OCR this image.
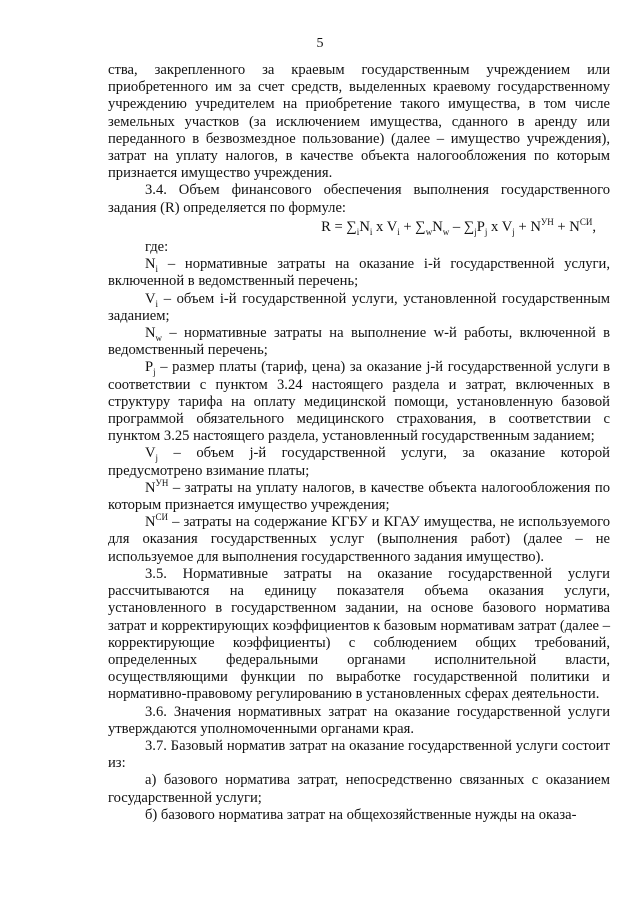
5

ства, закрепленного за краевым государственным учреждением или приобретенного им за счет средств, выделенных краевому государственному учреждению учредителем на приобретение такого имущества, в том числе земельных участков (за исключением имущества, сданного в аренду или переданного в безвозмездное пользование) (далее – имущество учреждения), затрат на уплату налогов, в качестве объекта налогообложения по которым признается имущество учреждения.

3.4. Объем финансового обеспечения выполнения государственного задания (R) определяется по формуле:

$R = \sum_iN_i$ x $V_i + \sum_wN_w - \sum_jP_j$ x $V_j + N^{УН} + N^{СИ}$,

где:

$N_i$ – нормативные затраты на оказание i-й государственной услуги, включенной в ведомственный перечень;

$V_i$ – объем i-й государственной услуги, установленной государственным заданием;

$N_w$ – нормативные затраты на выполнение w-й работы, включенной в ведомственный перечень;

$P_j$ – размер платы (тариф, цена) за оказание j-й государственной услуги в соответствии с пунктом 3.24 настоящего раздела и затрат, включенных в структуру тарифа на оплату медицинской помощи, установленную базовой программой обязательного медицинского страхования, в соответствии с пунктом 3.25 настоящего раздела, установленный государственным заданием;

$V_j$ – объем j-й государственной услуги, за оказание которой предусмотрено взимание платы;

$N^{УН}$ – затраты на уплату налогов, в качестве объекта налогообложения по которым признается имущество учреждения;

$N^{СИ}$ – затраты на содержание КГБУ и КГАУ имущества, не используемого для оказания государственных услуг (выполнения работ) (далее – не используемое для выполнения государственного задания имущество).

3.5. Нормативные затраты на оказание государственной услуги рассчитываются на единицу показателя объема оказания услуги, установленного в государственном задании, на основе базового норматива затрат и корректирующих коэффициентов к базовым нормативам затрат (далее – корректирующие коэффициенты) с соблюдением общих требований, определенных федеральными органами исполнительной власти, осуществляющими функции по выработке государственной политики и нормативно-правовому регулированию в установленных сферах деятельности.

3.6. Значения нормативных затрат на оказание государственной услуги утверждаются уполномоченными органами края.

3.7. Базовый норматив затрат на оказание государственной услуги состоит из:

а) базового норматива затрат, непосредственно связанных с оказанием государственной услуги;

б) базового норматива затрат на общехозяйственные нужды на оказа-
